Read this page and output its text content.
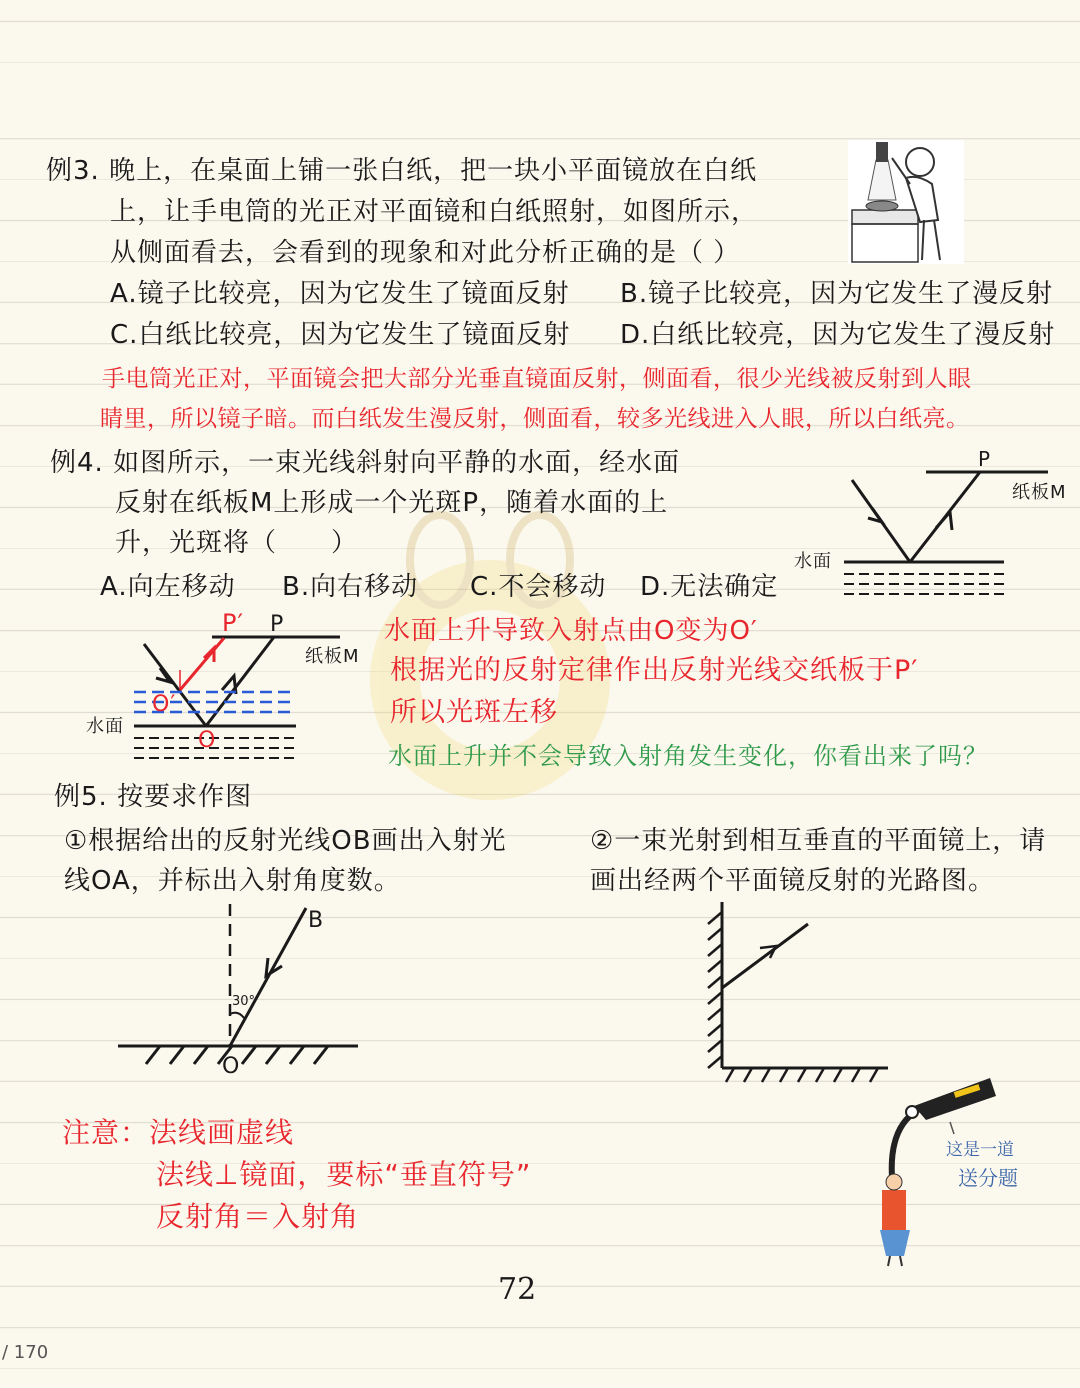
例3. 晚上，在桌面上铺一张白纸，把一块小平面镜放在白纸
上，让手电筒的光正对平面镜和白纸照射，如图所示，
从侧面看去，会看到的现象和对此分析正确的是（ ）
A.镜子比较亮，因为它发生了镜面反射 B.镜子比较亮，因为它发生了漫反射
C.白纸比较亮，因为它发生了镜面反射 D.白纸比较亮，因为它发生了漫反射
手电筒光正对，平面镜会把大部分光垂直镜面反射，侧面看，很少光线被反射到人眼
睛里，所以镜子暗。而白纸发生漫反射，侧面看，较多光线进入人眼，所以白纸亮。
例4. 如图所示，一束光线斜射向平静的水面，经水面
反射在纸板M上形成一个光斑P，随着水面的上
升，光斑将（　　）
A.向左移动 B.向右移动 C.不会移动 D.无法确定
P
纸板M
水面
P′ P
纸板M
水面
O′
O
水面上升导致入射点由O变为O′
根据光的反射定律作出反射光线交纸板于P′
所以光斑左移
水面上升并不会导致入射角发生变化，你看出来了吗？
例5. 按要求作图
①根据给出的反射光线OB画出入射光
线OA，并标出入射角度数。
②一束光射到相互垂直的平面镜上，请
画出经两个平面镜反射的光路图。
B
30°
O
注意：法线画虚线
法线⊥镜面，要标“垂直符号”
反射角＝入射角
这是一道
送分题
72
/ 170
